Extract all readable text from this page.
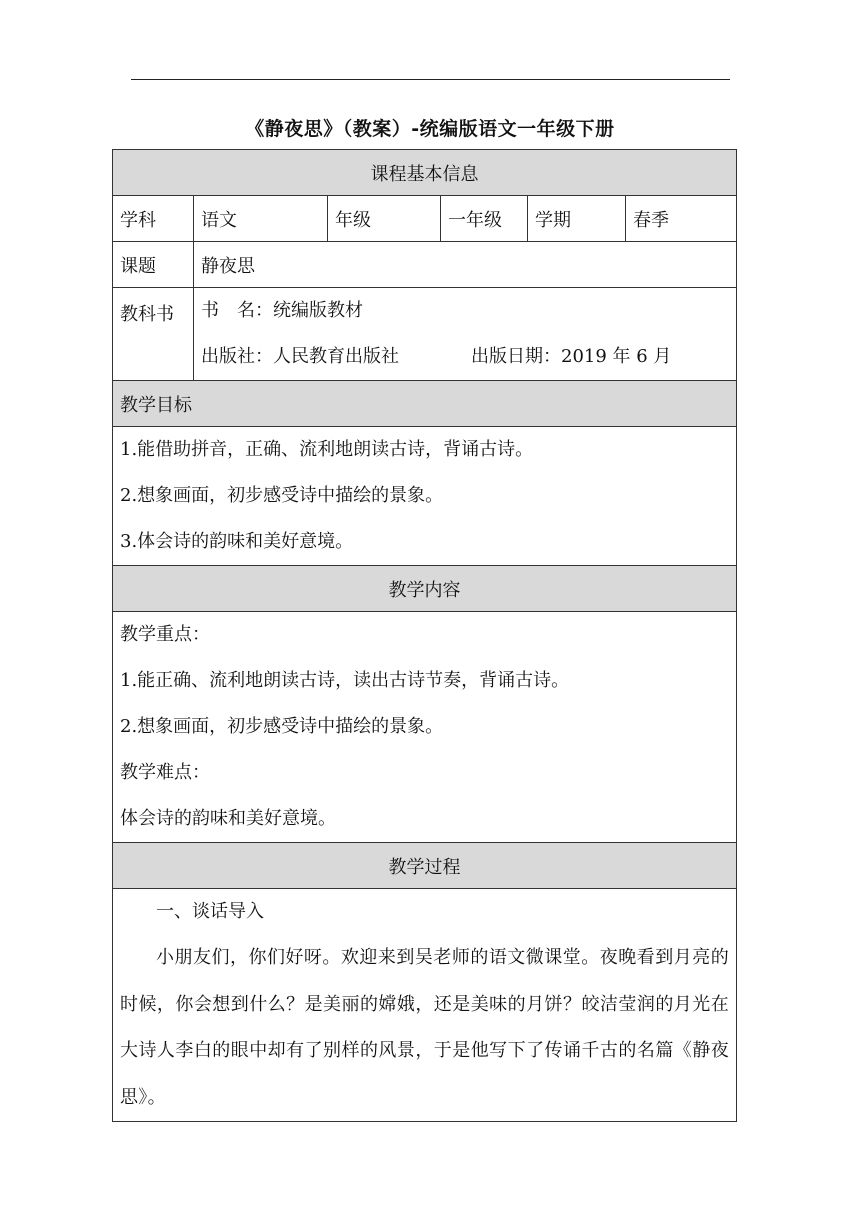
《静夜思》（教案）-统编版语文一年级下册
课程基本信息					
学科	语文	年级	一年级	学期	春季
课题	静夜思				
教科书	书　名：统编版教材
出版社：人民教育出版社 出版日期：2019 年 6 月				

教学目标					

1.能借助拼音，正确、流利地朗读古诗，背诵古诗。
2.想象画面，初步感受诗中描绘的景象。
3.体会诗的韵味和美好意境。					

教学内容					

教学重点：
1.能正确、流利地朗读古诗，读出古诗节奏，背诵古诗。
2.想象画面，初步感受诗中描绘的景象。
教学难点：
体会诗的韵味和美好意境。					

教学过程					

一、谈话导入
小朋友们，你们好呀。欢迎来到吴老师的语文微课堂。夜晚看到月亮的时候，你会想到什么？是美丽的嫦娥，还是美味的月饼？皎洁莹润的月光在大诗人李白的眼中却有了别样的风景，于是他写下了传诵千古的名篇《静夜思》。					
